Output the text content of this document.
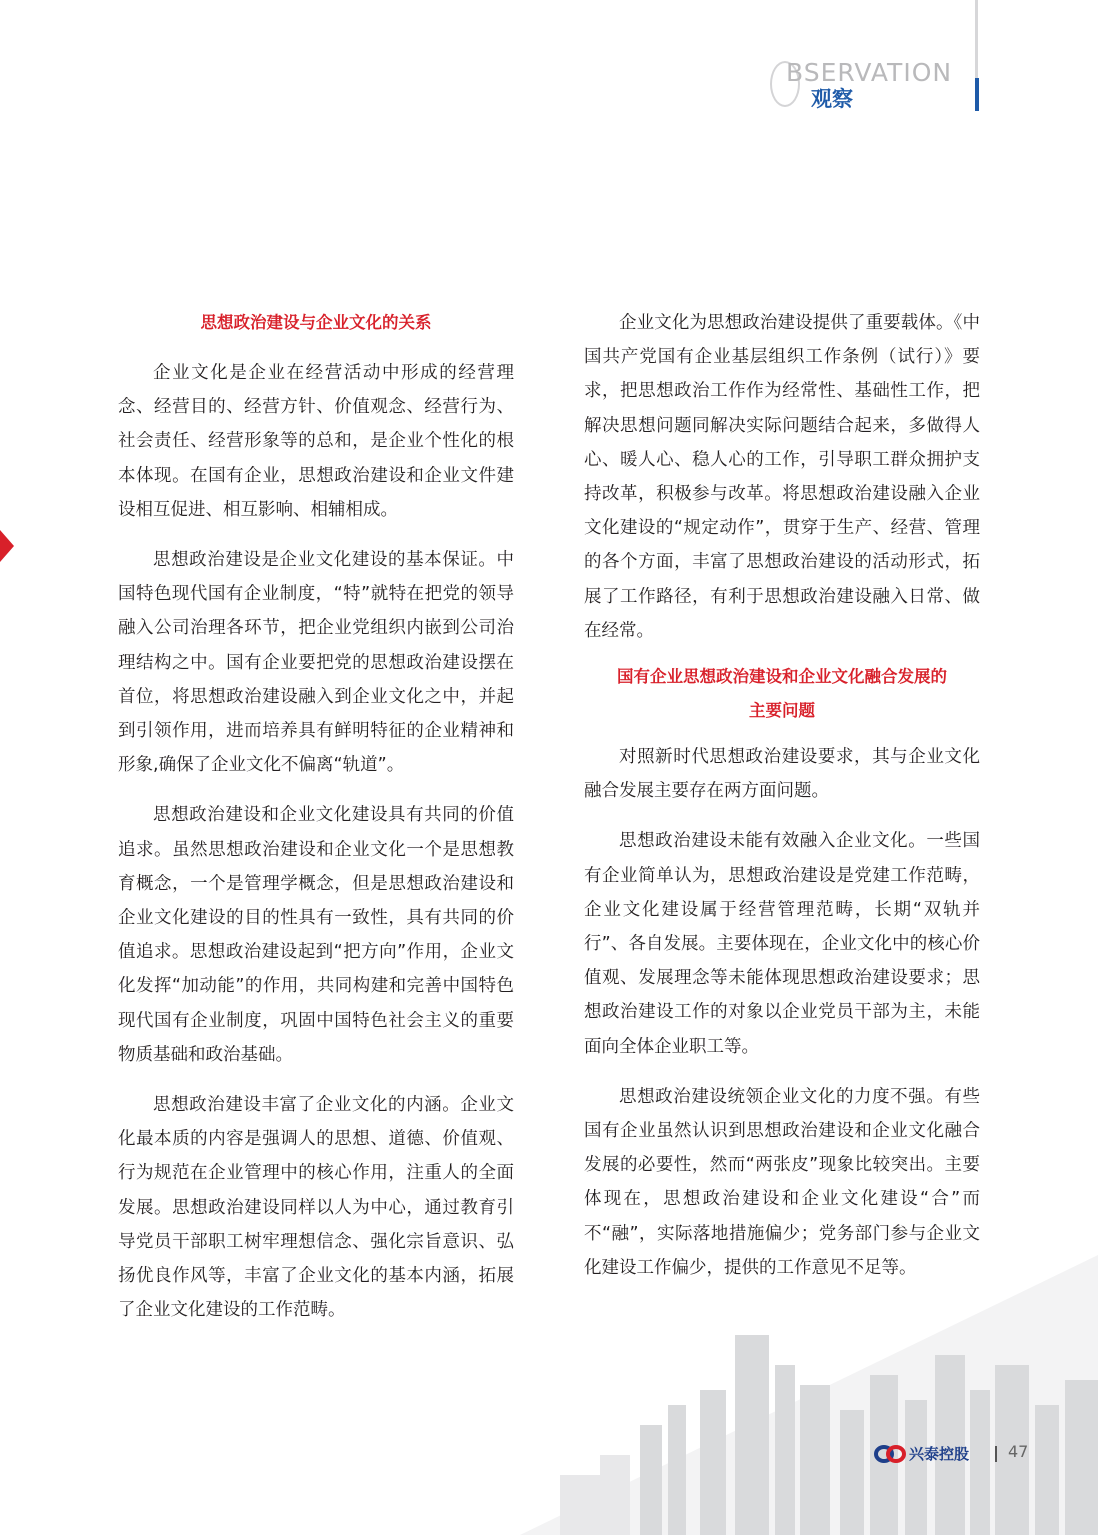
BSERVATION
观察
思想政治建设与企业文化的关系

企业文化是企业在经营活动中形成的经营理念、经营目的、经营方针、价值观念、经营行为、社会责任、经营形象等的总和，是企业个性化的根本体现。在国有企业，思想政治建设和企业文件建设相互促进、相互影响、相辅相成。

思想政治建设是企业文化建设的基本保证。中国特色现代国有企业制度，“特”就特在把党的领导融入公司治理各环节，把企业党组织内嵌到公司治理结构之中。国有企业要把党的思想政治建设摆在首位，将思想政治建设融入到企业文化之中，并起到引领作用，进而培养具有鲜明特征的企业精神和形象,确保了企业文化不偏离“轨道”。

思想政治建设和企业文化建设具有共同的价值追求。虽然思想政治建设和企业文化一个是思想教育概念，一个是管理学概念，但是思想政治建设和企业文化建设的目的性具有一致性，具有共同的价值追求。思想政治建设起到“把方向”作用，企业文化发挥“加动能”的作用，共同构建和完善中国特色现代国有企业制度，巩固中国特色社会主义的重要物质基础和政治基础。

思想政治建设丰富了企业文化的内涵。企业文化最本质的内容是强调人的思想、道德、价值观、行为规范在企业管理中的核心作用，注重人的全面发展。思想政治建设同样以人为中心，通过教育引导党员干部职工树牢理想信念、强化宗旨意识、弘扬优良作风等，丰富了企业文化的基本内涵，拓展了企业文化建设的工作范畴。

企业文化为思想政治建设提供了重要载体。《中国共产党国有企业基层组织工作条例（试行）》要求，把思想政治工作作为经常性、基础性工作，把解决思想问题同解决实际问题结合起来，多做得人心、暖人心、稳人心的工作，引导职工群众拥护支持改革，积极参与改革。将思想政治建设融入企业文化建设的“规定动作”，贯穿于生产、经营、管理的各个方面，丰富了思想政治建设的活动形式，拓展了工作路径，有利于思想政治建设融入日常、做在经常。

国有企业思想政治建设和企业文化融合发展的
主要问题

对照新时代思想政治建设要求，其与企业文化融合发展主要存在两方面问题。

思想政治建设未能有效融入企业文化。一些国有企业简单认为，思想政治建设是党建工作范畴，企业文化建设属于经营管理范畴，长期“双轨并行”、各自发展。主要体现在，企业文化中的核心价值观、发展理念等未能体现思想政治建设要求；思想政治建设工作的对象以企业党员干部为主，未能面向全体企业职工等。

思想政治建设统领企业文化的力度不强。有些国有企业虽然认识到思想政治建设和企业文化融合发展的必要性，然而“两张皮”现象比较突出。主要体现在，思想政治建设和企业文化建设“合”而不“融”，实际落地措施偏少；党务部门参与企业文化建设工作偏少，提供的工作意见不足等。

兴泰控股 47
